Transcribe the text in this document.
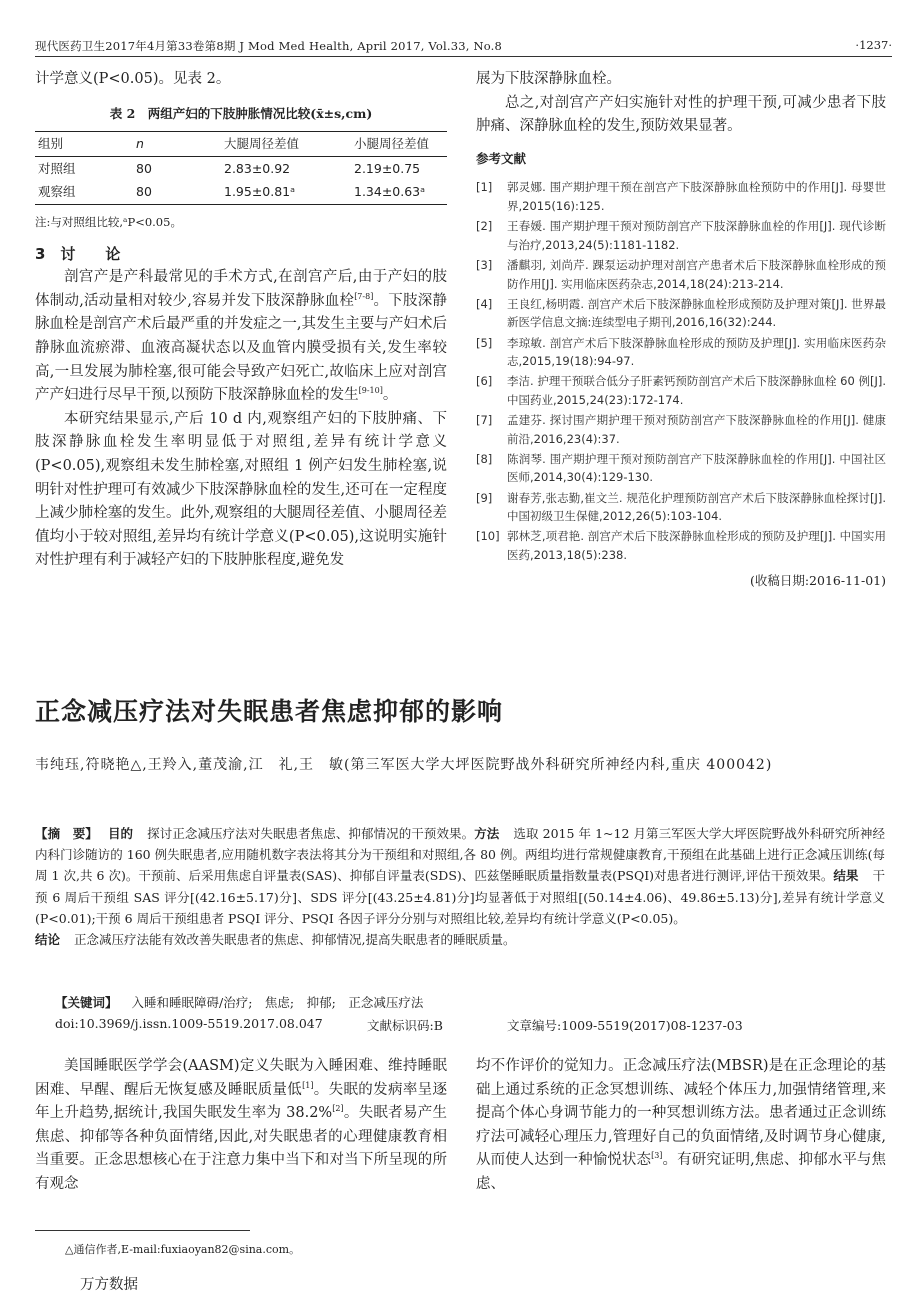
现代医药卫生2017年4月第33卷第8期 J Mod Med Health, April 2017, Vol.33, No.8	·1237·

计学意义(P<0.05)。见表 2。

表 2　两组产妇的下肢肿胀情况比较(x̄±s,cm)
组别	n	大腿周径差值	小腿周径差值
对照组	80	2.83±0.92	2.19±0.75
观察组	80	1.95±0.81ᵃ	1.34±0.63ᵃ
注:与对照组比较,ᵃP<0.05。
3　讨　　论

剖宫产是产科最常见的手术方式,在剖宫产后,由于产妇的肢体制动,活动量相对较少,容易并发下肢深静脉血栓[7-8]。下肢深静脉血栓是剖宫产术后最严重的并发症之一,其发生主要与产妇术后静脉血流瘀滞、血液高凝状态以及血管内膜受损有关,发生率较高,一旦发展为肺栓塞,很可能会导致产妇死亡,故临床上应对剖宫产产妇进行尽早干预,以预防下肢深静脉血栓的发生[9-10]。

本研究结果显示,产后 10 d 内,观察组产妇的下肢肿痛、下肢深静脉血栓发生率明显低于对照组,差异有统计学意义(P<0.05),观察组未发生肺栓塞,对照组 1 例产妇发生肺栓塞,说明针对性护理可有效减少下肢深静脉血栓的发生,还可在一定程度上减少肺栓塞的发生。此外,观察组的大腿周径差值、小腿周径差值均小于较对照组,差异均有统计学意义(P<0.05),这说明实施针对性护理有利于减轻产妇的下肢肿胀程度,避免发

展为下肢深静脉血栓。

总之,对剖宫产产妇实施针对性的护理干预,可减少患者下肢肿痛、深静脉血栓的发生,预防效果显著。

参考文献
[1]	郭灵娜. 围产期护理干预在剖宫产下肢深静脉血栓预防中的作用[J]. 母婴世界,2015(16):125.
[2]	王春媛. 围产期护理干预对预防剖宫产下肢深静脉血栓的作用[J]. 现代诊断与治疗,2013,24(5):1181-1182.
[3]	潘麒羽, 刘尚芹. 踝泵运动护理对剖宫产患者术后下肢深静脉血栓形成的预防作用[J]. 实用临床医药杂志,2014,18(24):213-214.
[4]	王良红,杨明霞. 剖宫产术后下肢深静脉血栓形成预防及护理对策[J]. 世界最新医学信息文摘:连续型电子期刊,2016,16(32):244.
[5]	李琼敏. 剖宫产术后下肢深静脉血栓形成的预防及护理[J]. 实用临床医药杂志,2015,19(18):94-97.
[6]	李洁. 护理干预联合低分子肝素钙预防剖宫产术后下肢深静脉血栓 60 例[J]. 中国药业,2015,24(23):172-174.
[7]	孟建芬. 探讨围产期护理干预对预防剖宫产下肢深静脉血栓的作用[J]. 健康前沿,2016,23(4):37.
[8]	陈润琴. 围产期护理干预对预防剖宫产下肢深静脉血栓的作用[J]. 中国社区医师,2014,30(4):129-130.
[9]	谢春芳,张志勤,崔文兰. 规范化护理预防剖宫产术后下肢深静脉血栓探讨[J]. 中国初级卫生保健,2012,26(5):103-104.
[10] 郭林芝,项君艳. 剖宫产术后下肢深静脉血栓形成的预防及护理[J]. 中国实用医药,2013,18(5):238.
(收稿日期:2016-11-01)
正念减压疗法对失眠患者焦虑抑郁的影响
韦纯珏,符晓艳△,王羚入,董茂渝,江　礼,王　敏(第三军医大学大坪医院野战外科研究所神经内科,重庆 400042)
【摘　要】 目的 探讨正念减压疗法对失眠患者焦虑、抑郁情况的干预效果。方法 选取 2015 年 1~12 月第三军医大学大坪医院野战外科研究所神经内科门诊随访的 160 例失眠患者,应用随机数字表法将其分为干预组和对照组,各 80 例。两组均进行常规健康教育,干预组在此基础上进行正念减压训练(每周 1 次,共 6 次)。干预前、后采用焦虑自评量表(SAS)、抑郁自评量表(SDS)、匹兹堡睡眠质量指数量表(PSQI)对患者进行测评,评估干预效果。结果 干预 6 周后干预组 SAS 评分[(42.16±5.17)分]、SDS 评分[(43.25±4.81)分]均显著低于对照组[(50.14±4.06)、49.86±5.13)分],差异有统计学意义(P<0.01);干预 6 周后干预组患者 PSQI 评分、PSQI 各因子评分分别与对照组比较,差异均有统计学意义(P<0.05)。
结论 正念减压疗法能有效改善失眠患者的焦虑、抑郁情况,提高失眠患者的睡眠质量。
【关键词】 入睡和睡眠障碍/治疗;　焦虑;　抑郁;　正念减压疗法
doi:10.3969/j.issn.1009-5519.2017.08.047	文献标识码:B	文章编号:1009-5519(2017)08-1237-03

美国睡眠医学学会(AASM)定义失眠为入睡困难、维持睡眠困难、早醒、醒后无恢复感及睡眠质量低[1]。失眠的发病率呈逐年上升趋势,据统计,我国失眠发生率为 38.2%[2]。失眠者易产生焦虑、抑郁等各种负面情绪,因此,对失眠患者的心理健康教育相当重要。正念思想核心在于注意力集中当下和对当下所呈现的所有观念

均不作评价的觉知力。正念减压疗法(MBSR)是在正念理论的基础上通过系统的正念冥想训练、减轻个体压力,加强情绪管理,来提高个体心身调节能力的一种冥想训练方法。患者通过正念训练疗法可减轻心理压力,管理好自己的负面情绪,及时调节身心健康,从而使人达到一种愉悦状态[3]。有研究证明,焦虑、抑郁水平与焦虑、

△通信作者,E-mail:fuxiaoyan82@sina.com。
万方数据
